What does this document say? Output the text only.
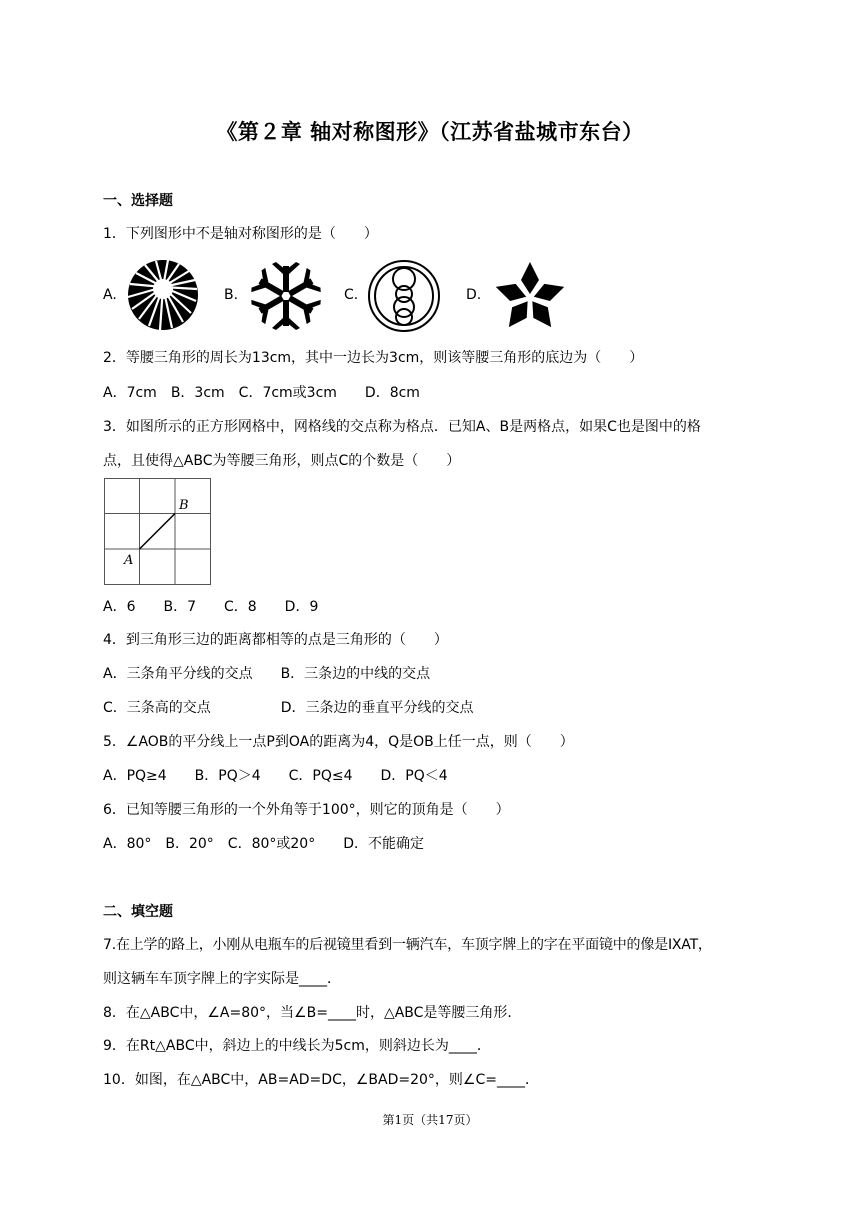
《第２章 轴对称图形》（江苏省盐城市东台）
一、选择题
1．下列图形中不是轴对称图形的是（　　）
A.	B.	C.	D.
2．等腰三角形的周长为13cm，其中一边长为3cm，则该等腰三角形的底边为（　　）
A．7cm　B．3cm　C．7cm或3cm　　D．8cm
3．如图所示的正方形网格中，网格线的交点称为格点．已知A、B是两格点，如果C也是图中的格
点，且使得△ABC为等腰三角形，则点C的个数是（　　）
A
B
A．6　　B．7　　C．8　　D．9
4．到三角形三边的距离都相等的点是三角形的（　　）
A．三条角平分线的交点　　B．三条边的中线的交点
C．三条高的交点　　　　　D．三条边的垂直平分线的交点
5．∠AOB的平分线上一点P到OA的距离为4，Q是OB上任一点，则（　　）
A．PQ≥4　　B．PQ＞4　　C．PQ≤4　　D．PQ＜4
6．已知等腰三角形的一个外角等于100°，则它的顶角是（　　）
A．80°　B．20°　C．80°或20°　　D．不能确定
二、填空题
7.在上学的路上，小刚从电瓶车的后视镜里看到一辆汽车，车顶字牌上的字在平面镜中的像是IXAT，
则这辆车车顶字牌上的字实际是____．
8．在△ABC中，∠A=80°，当∠B=____时，△ABC是等腰三角形．
9．在Rt△ABC中，斜边上的中线长为5cm，则斜边长为____．
10．如图，在△ABC中，AB=AD=DC，∠BAD=20°，则∠C=____．
第1页（共17页）
